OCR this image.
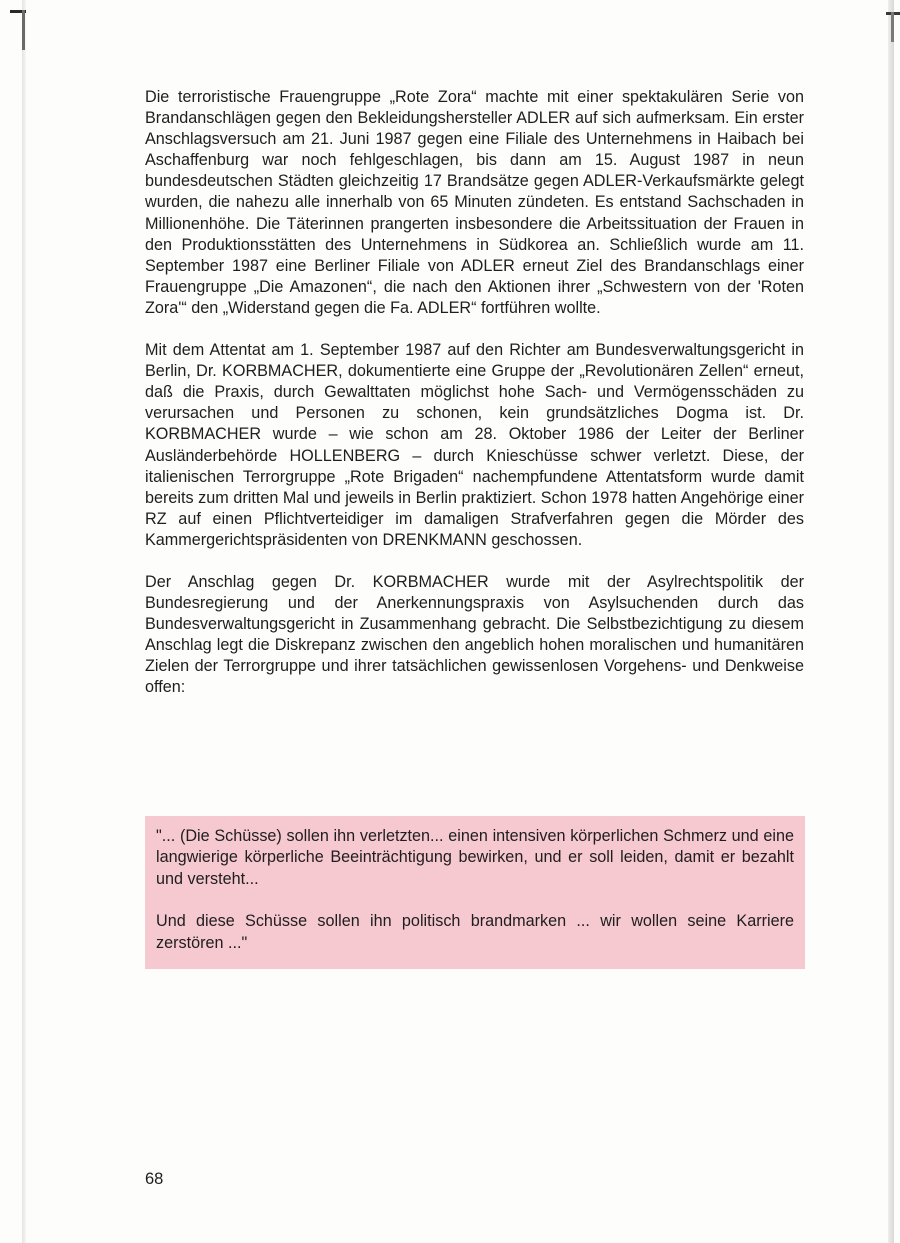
Die terroristische Frauengruppe „Rote Zora“ machte mit einer spektakulären Serie von Brandanschlägen gegen den Bekleidungshersteller ADLER auf sich aufmerksam. Ein erster Anschlagsversuch am 21. Juni 1987 gegen eine Filiale des Unternehmens in Haibach bei Aschaffenburg war noch fehlgeschlagen, bis dann am 15. August 1987 in neun bundesdeutschen Städten gleichzeitig 17 Brandsätze gegen ADLER-Verkaufsmärkte gelegt wurden, die nahezu alle innerhalb von 65 Minuten zündeten. Es entstand Sachschaden in Millionenhöhe. Die Täterinnen prangerten insbesondere die Arbeitssituation der Frauen in den Produktionsstätten des Unternehmens in Südkorea an. Schließlich wurde am 11. September 1987 eine Berliner Filiale von ADLER erneut Ziel des Brandanschlags einer Frauengruppe „Die Amazonen“, die nach den Aktionen ihrer „Schwestern von der 'Roten Zora'“ den „Widerstand gegen die Fa. ADLER“ fortführen wollte.

Mit dem Attentat am 1. September 1987 auf den Richter am Bundesverwaltungsgericht in Berlin, Dr. KORBMACHER, dokumentierte eine Gruppe der „Revolutionären Zellen“ erneut, daß die Praxis, durch Gewalttaten möglichst hohe Sach- und Vermögensschäden zu verursachen und Personen zu schonen, kein grundsätzliches Dogma ist. Dr. KORBMACHER wurde – wie schon am 28. Oktober 1986 der Leiter der Berliner Ausländerbehörde HOLLENBERG – durch Knieschüsse schwer verletzt. Diese, der italienischen Terrorgruppe „Rote Brigaden“ nachempfundene Attentatsform wurde damit bereits zum dritten Mal und jeweils in Berlin praktiziert. Schon 1978 hatten Angehörige einer RZ auf einen Pflichtverteidiger im damaligen Strafverfahren gegen die Mörder des Kammergerichtspräsidenten von DRENKMANN geschossen.

Der Anschlag gegen Dr. KORBMACHER wurde mit der Asylrechtspolitik der Bundesregierung und der Anerkennungspraxis von Asylsuchenden durch das Bundesverwaltungsgericht in Zusammenhang gebracht. Die Selbstbezichtigung zu diesem Anschlag legt die Diskrepanz zwischen den angeblich hohen moralischen und humanitären Zielen der Terrorgruppe und ihrer tatsächlichen gewissenlosen Vorgehens- und Denkweise offen:

"... (Die Schüsse) sollen ihn verletzten... einen intensiven körperlichen Schmerz und eine langwierige körperliche Beeinträchtigung bewirken, und er soll leiden, damit er bezahlt und versteht...

Und diese Schüsse sollen ihn politisch brandmarken ... wir wollen seine Karriere zerstören ..."

68
